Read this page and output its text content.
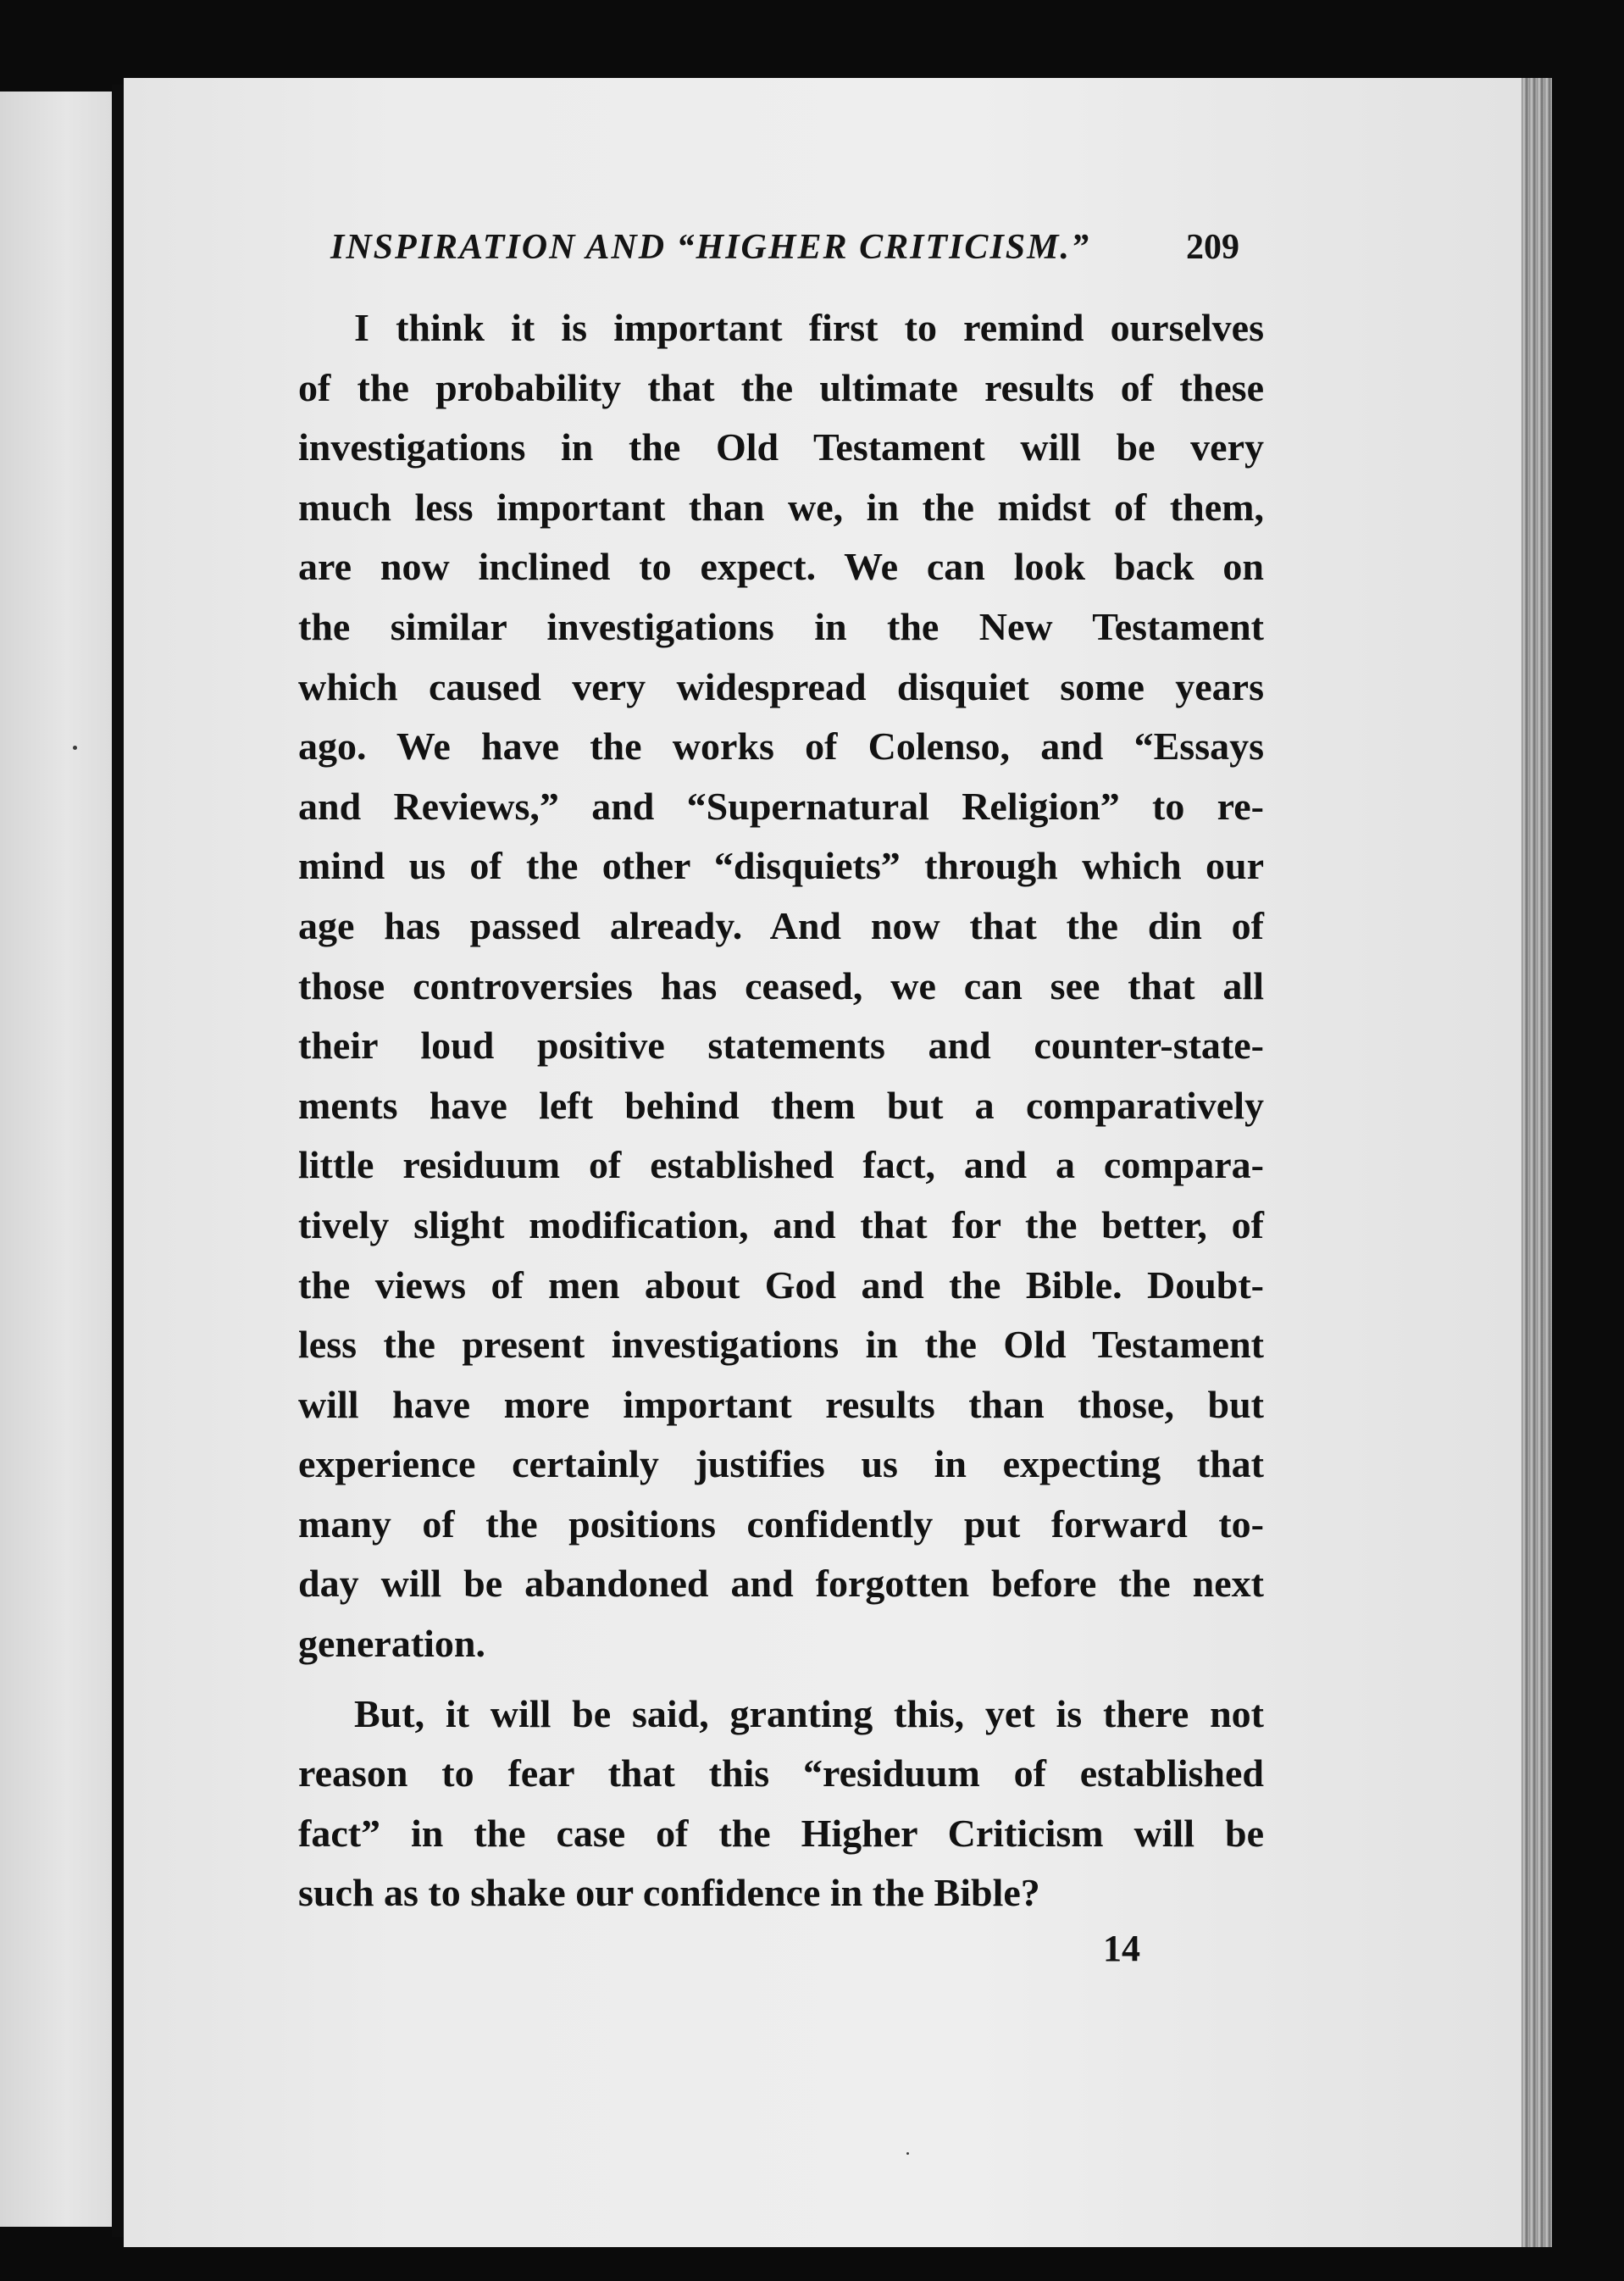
INSPIRATION AND “HIGHER CRITICISM.”	209
I think it is important first to remind ourselves
of the probability that the ultimate results of these
investigations in the Old Testament will be very
much less important than we, in the midst of them,
are now inclined to expect. We can look back on
the similar investigations in the New Testament
which caused very widespread disquiet some years
ago. We have the works of Colenso, and “Essays
and Reviews,” and “Supernatural Religion” to re-
mind us of the other “disquiets” through which our
age has passed already. And now that the din of
those controversies has ceased, we can see that all
their loud positive statements and counter-state-
ments have left behind them but a comparatively
little residuum of established fact, and a compara-
tively slight modification, and that for the better, of
the views of men about God and the Bible. Doubt-
less the present investigations in the Old Testament
will have more important results than those, but
experience certainly justifies us in expecting that
many of the positions confidently put forward to-
day will be abandoned and forgotten before the next
generation.
But, it will be said, granting this, yet is there not
reason to fear that this “residuum of established
fact” in the case of the Higher Criticism will be
such as to shake our confidence in the Bible?
14
